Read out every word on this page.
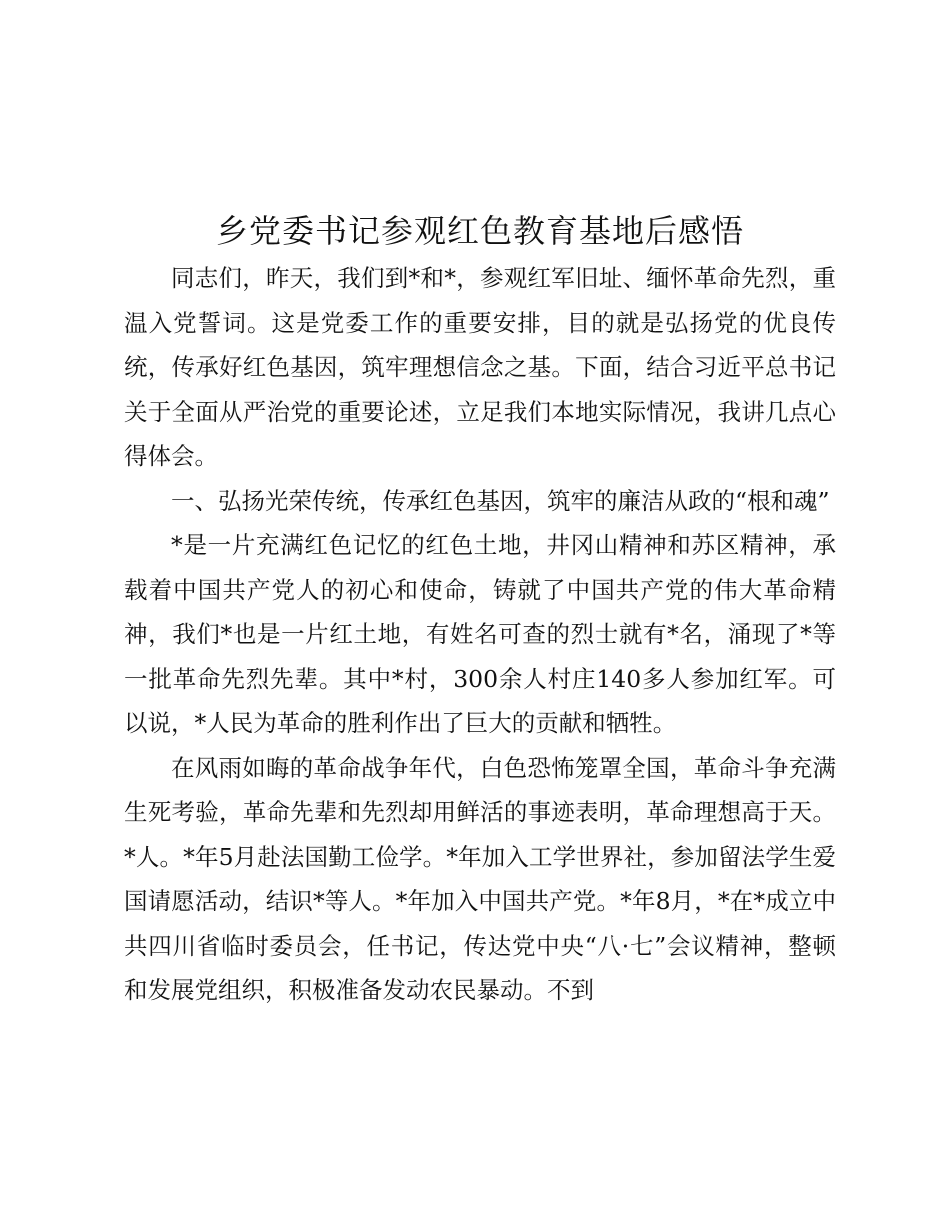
乡党委书记参观红色教育基地后感悟

同志们，昨天，我们到*和*，参观红军旧址、缅怀革命先烈，重温入党誓词。这是党委工作的重要安排，目的就是弘扬党的优良传统，传承好红色基因，筑牢理想信念之基。下面，结合习近平总书记关于全面从严治党的重要论述，立足我们本地实际情况，我讲几点心得体会。

一、弘扬光荣传统，传承红色基因，筑牢的廉洁从政的“根和魂”

*是一片充满红色记忆的红色土地，井冈山精神和苏区精神，承载着中国共产党人的初心和使命，铸就了中国共产党的伟大革命精神，我们*也是一片红土地，有姓名可查的烈士就有*名，涌现了*等一批革命先烈先辈。其中*村，300余人村庄140多人参加红军。可以说，*人民为革命的胜利作出了巨大的贡献和牺牲。

在风雨如晦的革命战争年代，白色恐怖笼罩全国，革命斗争充满生死考验，革命先辈和先烈却用鲜活的事迹表明，革命理想高于天。*人。*年5月赴法国勤工俭学。*年加入工学世界社，参加留法学生爱国请愿活动，结识*等人。*年加入中国共产党。*年8月，*在*成立中共四川省临时委员会，任书记，传达党中央“八·七”会议精神，整顿和发展党组织，积极准备发动农民暴动。不到
